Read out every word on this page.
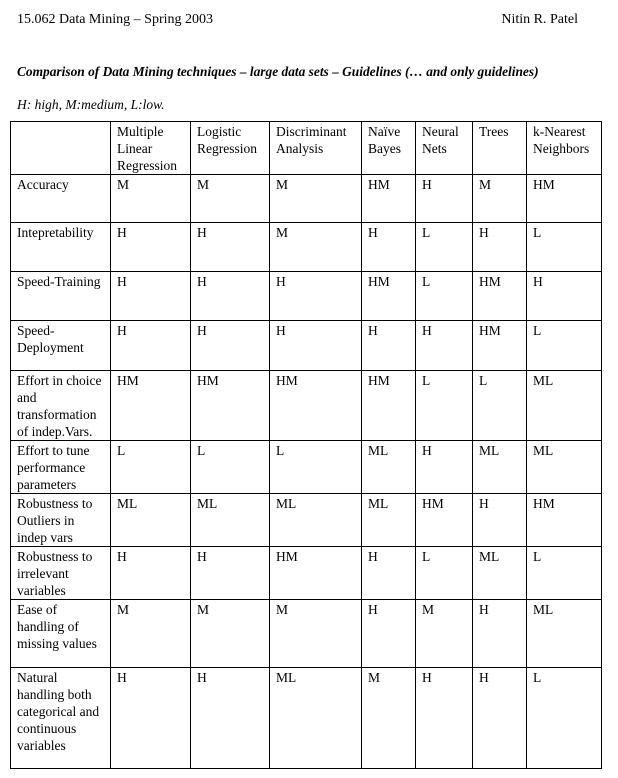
15.062 Data Mining – Spring 2003	Nitin R. Patel
Comparison of Data Mining techniques – large data sets – Guidelines (… and only guidelines)
H: high, M:medium, L:low.
	Multiple Linear Regression	Logistic Regression	Discriminant Analysis	Naïve Bayes	Neural Nets	Trees	k-Nearest Neighbors
Accuracy	M	M	M	HM	H	M	HM
Intepretability	H	H	M	H	L	H	L
Speed-Training	H	H	H	HM	L	HM	H
Speed-Deployment	H	H	H	H	H	HM	L
Effort in choice and transformation of indep.Vars.	HM	HM	HM	HM	L	L	ML
Effort to tune performance parameters	L	L	L	ML	H	ML	ML
Robustness to Outliers in indep vars	ML	ML	ML	ML	HM	H	HM
Robustness to irrelevant variables	H	H	HM	H	L	ML	L
Ease of handling of missing values	M	M	M	H	M	H	ML
Natural handling both categorical and continuous variables	H	H	ML	M	H	H	L
